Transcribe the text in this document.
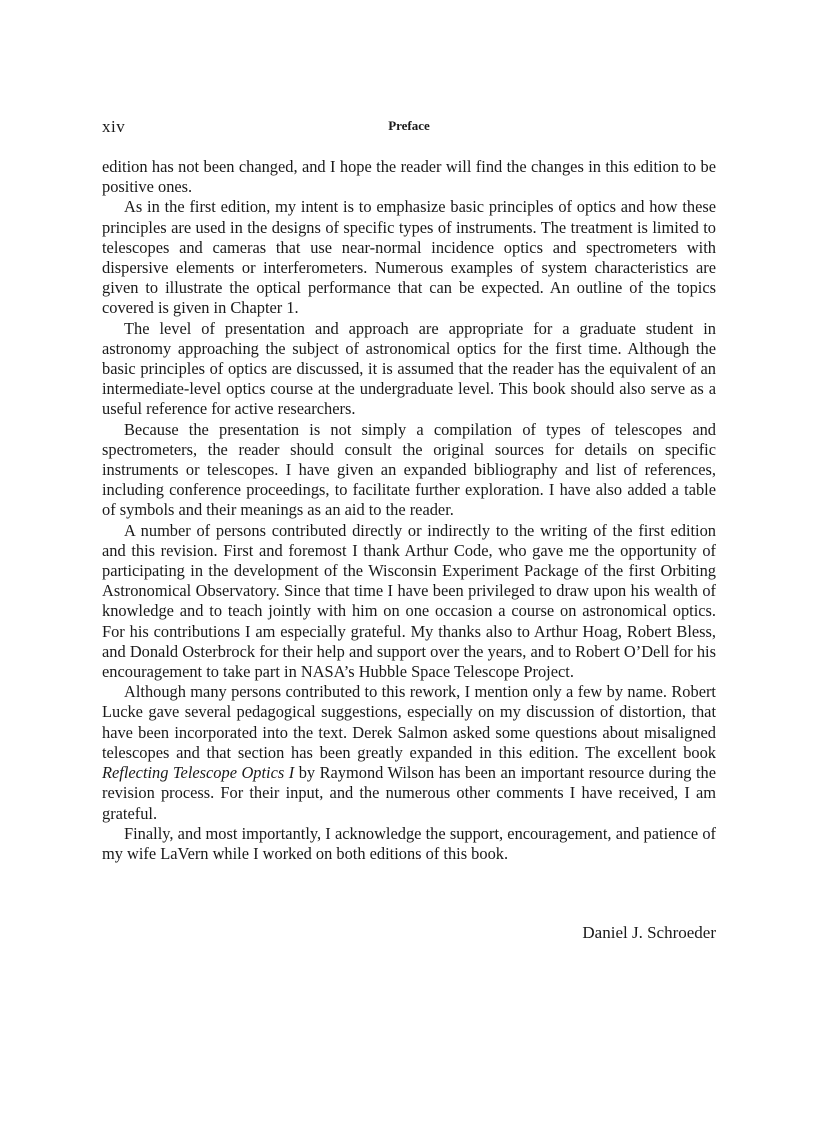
xiv	Preface

edition has not been changed, and I hope the reader will find the changes in this edition to be positive ones.

As in the first edition, my intent is to emphasize basic principles of optics and how these principles are used in the designs of specific types of instruments. The treatment is limited to telescopes and cameras that use near-normal incidence optics and spectrometers with dispersive elements or interferometers. Numerous examples of system characteristics are given to illustrate the optical performance that can be expected. An outline of the topics covered is given in Chapter 1.

The level of presentation and approach are appropriate for a graduate student in astronomy approaching the subject of astronomical optics for the first time. Although the basic principles of optics are discussed, it is assumed that the reader has the equivalent of an intermediate-level optics course at the undergraduate level. This book should also serve as a useful reference for active researchers.

Because the presentation is not simply a compilation of types of telescopes and spectrometers, the reader should consult the original sources for details on specific instruments or telescopes. I have given an expanded bibliography and list of references, including conference proceedings, to facilitate further exploration. I have also added a table of symbols and their meanings as an aid to the reader.

A number of persons contributed directly or indirectly to the writing of the first edition and this revision. First and foremost I thank Arthur Code, who gave me the opportunity of participating in the development of the Wisconsin Experiment Package of the first Orbiting Astronomical Observatory. Since that time I have been privileged to draw upon his wealth of knowledge and to teach jointly with him on one occasion a course on astronomical optics. For his contributions I am especially grateful. My thanks also to Arthur Hoag, Robert Bless, and Donald Osterbrock for their help and support over the years, and to Robert O’Dell for his encouragement to take part in NASA’s Hubble Space Telescope Project.

Although many persons contributed to this rework, I mention only a few by name. Robert Lucke gave several pedagogical suggestions, especially on my discussion of distortion, that have been incorporated into the text. Derek Salmon asked some questions about misaligned telescopes and that section has been greatly expanded in this edition. The excellent book Reflecting Telescope Optics I by Raymond Wilson has been an important resource during the revision process. For their input, and the numerous other comments I have received, I am grateful.

Finally, and most importantly, I acknowledge the support, encouragement, and patience of my wife LaVern while I worked on both editions of this book.

Daniel J. Schroeder
